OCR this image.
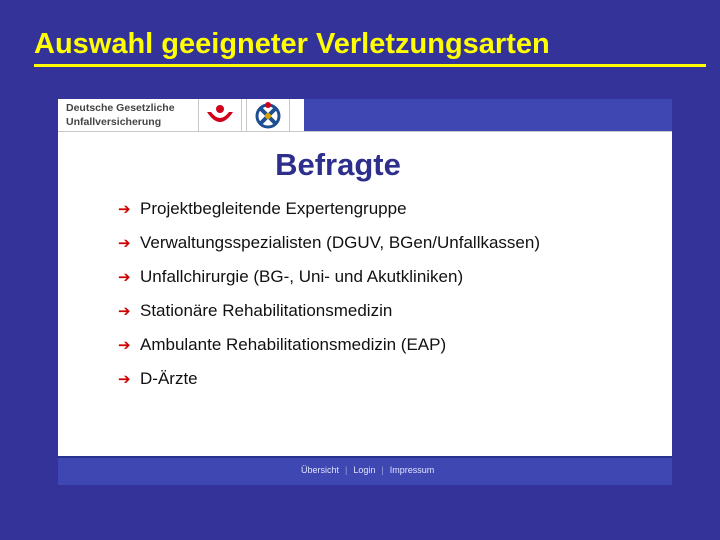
Auswahl geeigneter Verletzungsarten
Deutsche Gesetzliche
Unfallversicherung
Befragte
➔ Projektbegleitende Expertengruppe
➔ Verwaltungsspezialisten (DGUV, BGen/Unfallkassen)
➔ Unfallchirurgie (BG-, Uni- und Akutkliniken)
➔ Stationäre Rehabilitationsmedizin
➔ Ambulante Rehabilitationsmedizin (EAP)
➔ D-Ärzte
Übersicht | Login | Impressum
